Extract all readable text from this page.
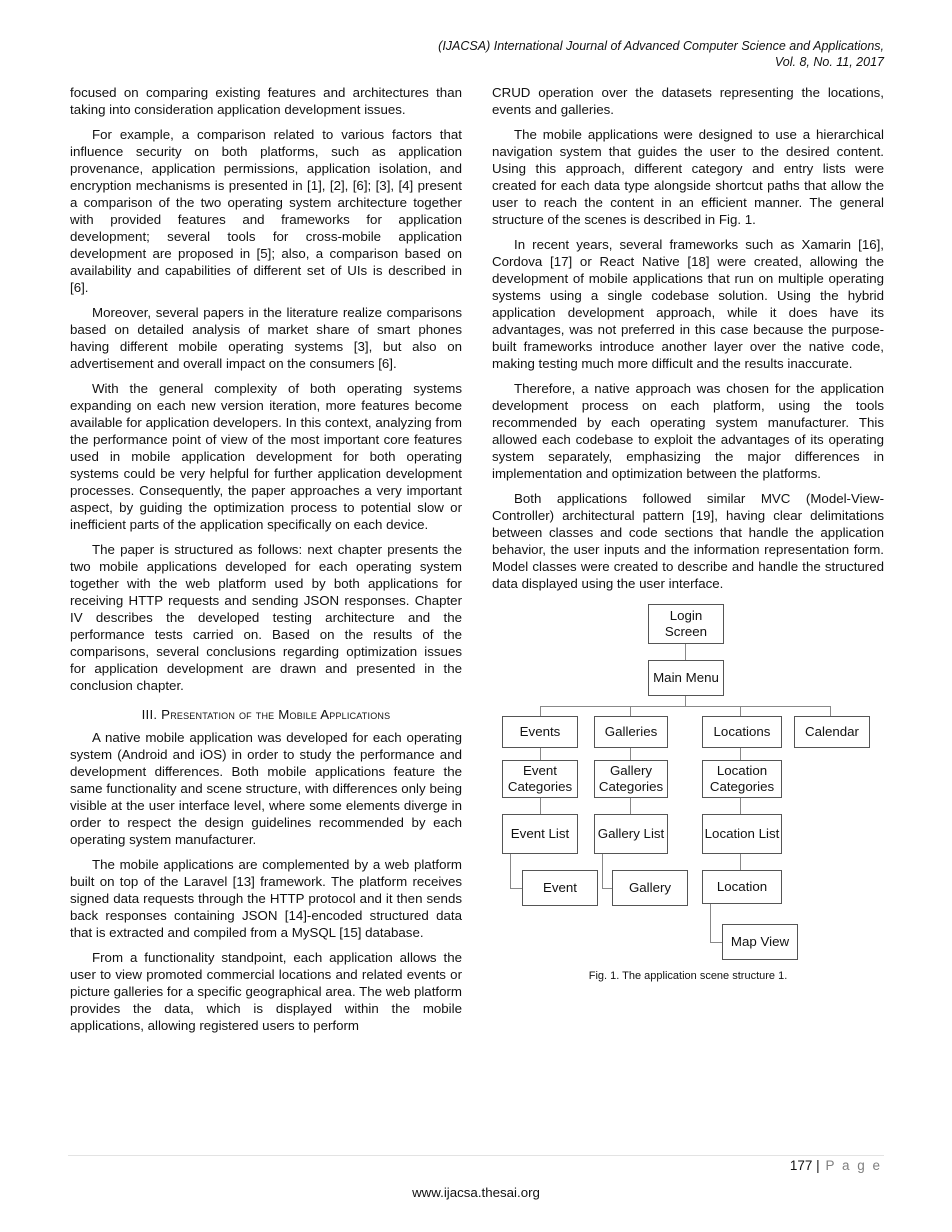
(IJACSA) International Journal of Advanced Computer Science and Applications,
Vol. 8, No. 11, 2017

focused on comparing existing features and architectures than taking into consideration application development issues.

For example, a comparison related to various factors that influence security on both platforms, such as application provenance, application permissions, application isolation, and encryption mechanisms is presented in [1], [2], [6]; [3], [4] present a comparison of the two operating system architecture together with provided features and frameworks for application development; several tools for cross-mobile application development are proposed in [5]; also, a comparison based on availability and capabilities of different set of UIs is described in [6].

Moreover, several papers in the literature realize comparisons based on detailed analysis of market share of smart phones having different mobile operating systems [3], but also on advertisement and overall impact on the consumers [6].

With the general complexity of both operating systems expanding on each new version iteration, more features become available for application developers. In this context, analyzing from the performance point of view of the most important core features used in mobile application development for both operating systems could be very helpful for further application development processes. Consequently, the paper approaches a very important aspect, by guiding the optimization process to potential slow or inefficient parts of the application specifically on each device.

The paper is structured as follows: next chapter presents the two mobile applications developed for each operating system together with the web platform used by both applications for receiving HTTP requests and sending JSON responses. Chapter IV describes the developed testing architecture and the performance tests carried on. Based on the results of the comparisons, several conclusions regarding optimization issues for application development are drawn and presented in the conclusion chapter.

III. Presentation of the Mobile Applications

A native mobile application was developed for each operating system (Android and iOS) in order to study the performance and development differences. Both mobile applications feature the same functionality and scene structure, with differences only being visible at the user interface level, where some elements diverge in order to respect the design guidelines recommended by each operating system manufacturer.

The mobile applications are complemented by a web platform built on top of the Laravel [13] framework. The platform receives signed data requests through the HTTP protocol and it then sends back responses containing JSON [14]-encoded structured data that is extracted and compiled from a MySQL [15] database.

From a functionality standpoint, each application allows the user to view promoted commercial locations and related events or picture galleries for a specific geographical area. The web platform provides the data, which is displayed within the mobile applications, allowing registered users to perform

CRUD operation over the datasets representing the locations, events and galleries.

The mobile applications were designed to use a hierarchical navigation system that guides the user to the desired content. Using this approach, different category and entry lists were created for each data type alongside shortcut paths that allow the user to reach the content in an efficient manner. The general structure of the scenes is described in Fig. 1.

In recent years, several frameworks such as Xamarin [16], Cordova [17] or React Native [18] were created, allowing the development of mobile applications that run on multiple operating systems using a single codebase solution. Using the hybrid application development approach, while it does have its advantages, was not preferred in this case because the purpose-built frameworks introduce another layer over the native code, making testing much more difficult and the results inaccurate.

Therefore, a native approach was chosen for the application development process on each platform, using the tools recommended by each operating system manufacturer. This allowed each codebase to exploit the advantages of its operating system separately, emphasizing the major differences in implementation and optimization between the platforms.

Both applications followed similar MVC (Model-View-Controller) architectural pattern [19], having clear delimitations between classes and code sections that handle the application behavior, the user inputs and the information representation form. Model classes were created to describe and handle the structured data displayed using the user interface.

Login Screen
Main Menu
Events	Galleries	Locations	Calendar
Event Categories
Gallery Categories
Location Categories
Event List	Gallery List	Location List
Event	Gallery	Location
Map View
Fig. 1. The application scene structure 1.
177 | P a g e
www.ijacsa.thesai.org
